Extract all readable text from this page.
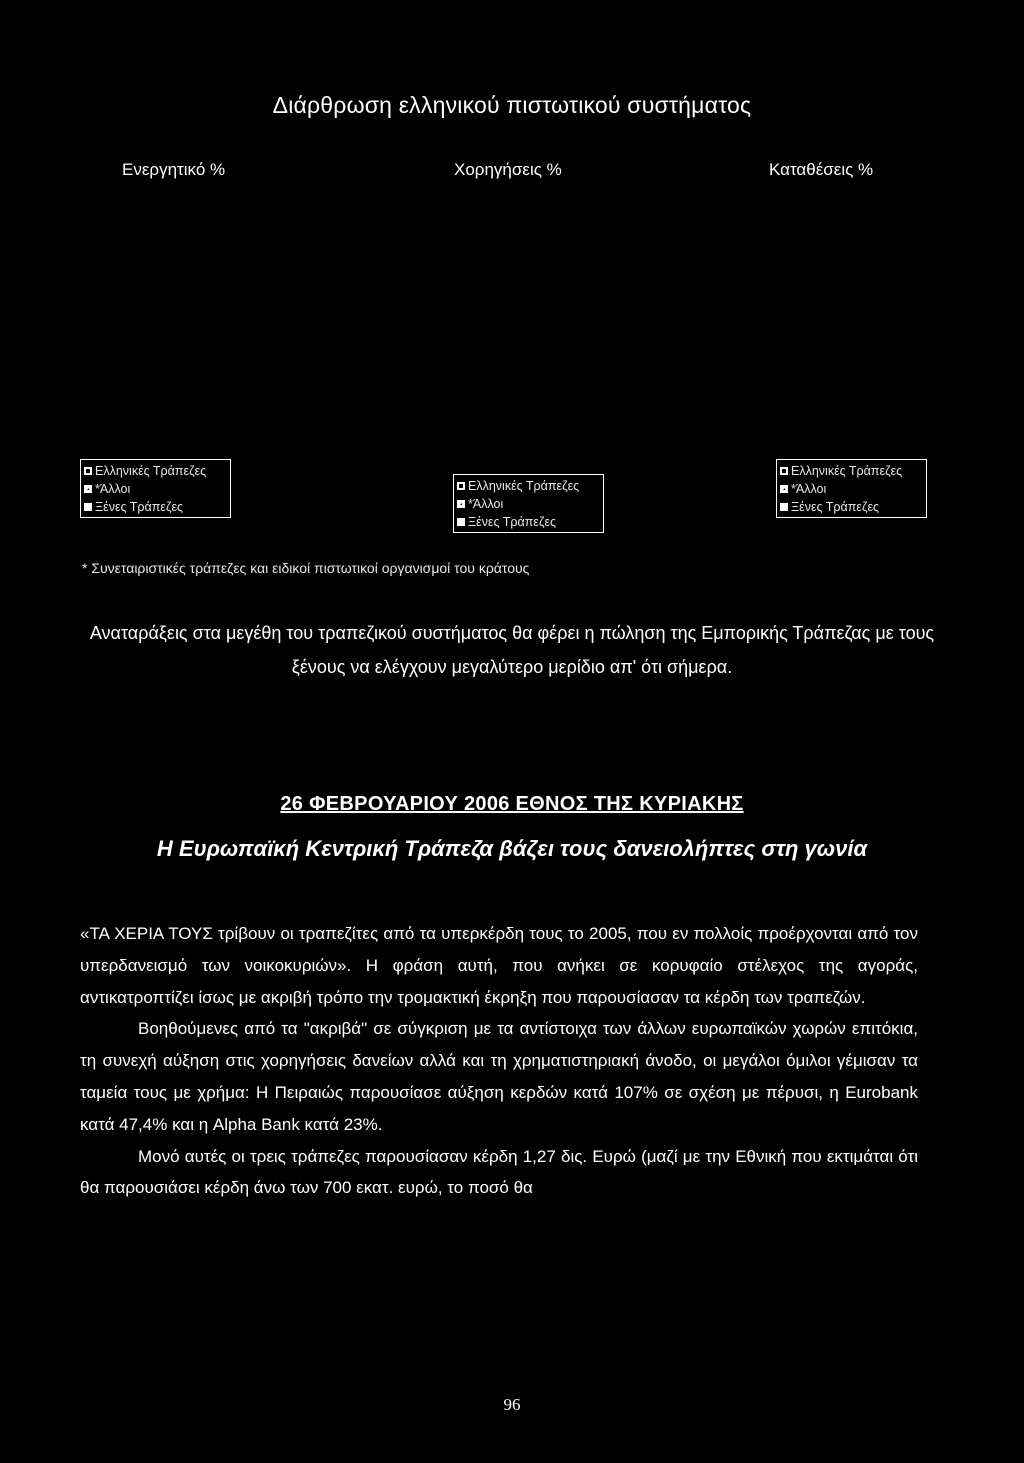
Διάρθρωση ελληνικού πιστωτικού συστήματος
Ενεργητικό %	Χορηγήσεις %	Καταθέσεις %
Ελληνικές Τράπεζες
*Άλλοι
Ξένες Τράπεζες
Ελληνικές Τράπεζες
*Άλλοι
Ξένες Τράπεζες
Ελληνικές Τράπεζες
*Άλλοι
Ξένες Τράπεζες
* Συνεταιριστικές τράπεζες και ειδικοί πιστωτικοί οργανισμοί του κράτους
Αναταράξεις στα μεγέθη του τραπεζικού συστήματος θα φέρει η πώληση της Εμπορικής Τράπεζας με τους ξένους να ελέγχουν μεγαλύτερο μερίδιο απ' ότι σήμερα.
26 ΦΕΒΡΟΥΑΡΙΟΥ 2006 ΕΘΝΟΣ ΤΗΣ ΚΥΡΙΑΚΗΣ
Η Ευρωπαϊκή Κεντρική Τράπεζα βάζει τους δανειολήπτες στη γωνία

«ΤΑ ΧΕΡΙΑ ΤΟΥΣ τρίβουν οι τραπεζίτες από τα υπερκέρδη τους το 2005, που εν πολλοίς προέρχονται από τον υπερδανεισμό των νοικοκυριών». Η φράση αυτή, που ανήκει σε κορυφαίο στέλεχος της αγοράς, αντικατροπτίζει ίσως με ακριβή τρόπο την τρομακτική έκρηξη που παρουσίασαν τα κέρδη των τραπεζών.

Βοηθούμενες από τα "ακριβά" σε σύγκριση με τα αντίστοιχα των άλλων ευρωπαϊκών χωρών επιτόκια, τη συνεχή αύξηση στις χορηγήσεις δανείων αλλά και τη χρηματιστηριακή άνοδο, οι μεγάλοι όμιλοι γέμισαν τα ταμεία τους με χρήμα: Η Πειραιώς παρουσίασε αύξηση κερδών κατά 107% σε σχέση με πέρυσι, η Eurobank κατά 47,4% και η Alpha Bank κατά 23%.

Μονό αυτές οι τρεις τράπεζες παρουσίασαν κέρδη 1,27 δις. Ευρώ (μαζί με την Εθνική που εκτιμάται ότι θα παρουσιάσει κέρδη άνω των 700 εκατ. ευρώ, το ποσό θα

96
